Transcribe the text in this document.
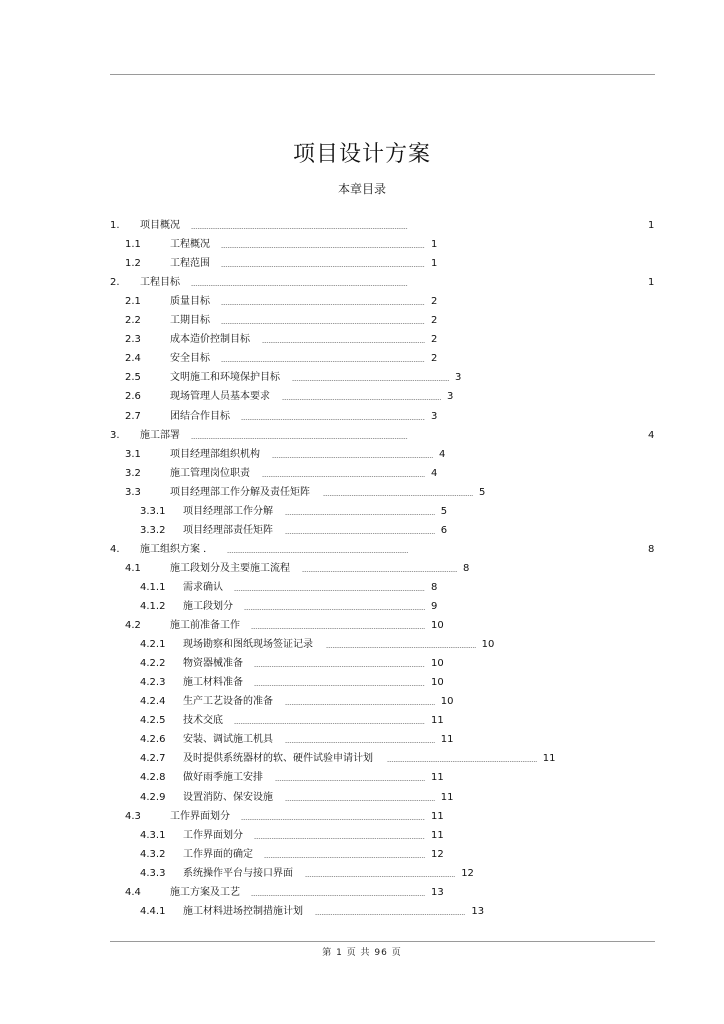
项目设计方案
本章目录
1. 项目概况	1
1.1	工程概况	1
1.2	工程范围	1
2. 工程目标	1
2.1	质量目标	2
2.2	工期目标	2
2.3	成本造价控制目标	2
2.4	安全目标	2
2.5	文明施工和环境保护目标	3
2.6	现场管理人员基本要求	3
2.7	团结合作目标	3
3. 施工部署	4
3.1	项目经理部组织机构	4
3.2	施工管理岗位职责	4
3.3	项目经理部工作分解及责任矩阵	5
3.3.1 项目经理部工作分解	5
3.3.2 项目经理部责任矩阵	6
4. 施工组织方案 ．	8
4.1	施工段划分及主要施工流程	8
4.1.1 需求确认	8
4.1.2 施工段划分	9
4.2	施工前准备工作	10
4.2.1 现场勘察和图纸现场签证记录	10
4.2.2 物资器械准备	10
4.2.3 施工材料准备	10
4.2.4 生产工艺设备的准备	10
4.2.5 技术交底	11
4.2.6 安装、调试施工机具	11
4.2.7 及时提供系统器材的软、硬件试验申请计划	11
4.2.8 做好雨季施工安排	11
4.2.9 设置消防、保安设施	11
4.3	工作界面划分	11
4.3.1 工作界面划分	11
4.3.2 工作界面的确定	12
4.3.3 系统操作平台与接口界面	12
4.4	施工方案及工艺	13
4.4.1 施工材料进场控制措施计划	13
第 1 页 共 96 页
